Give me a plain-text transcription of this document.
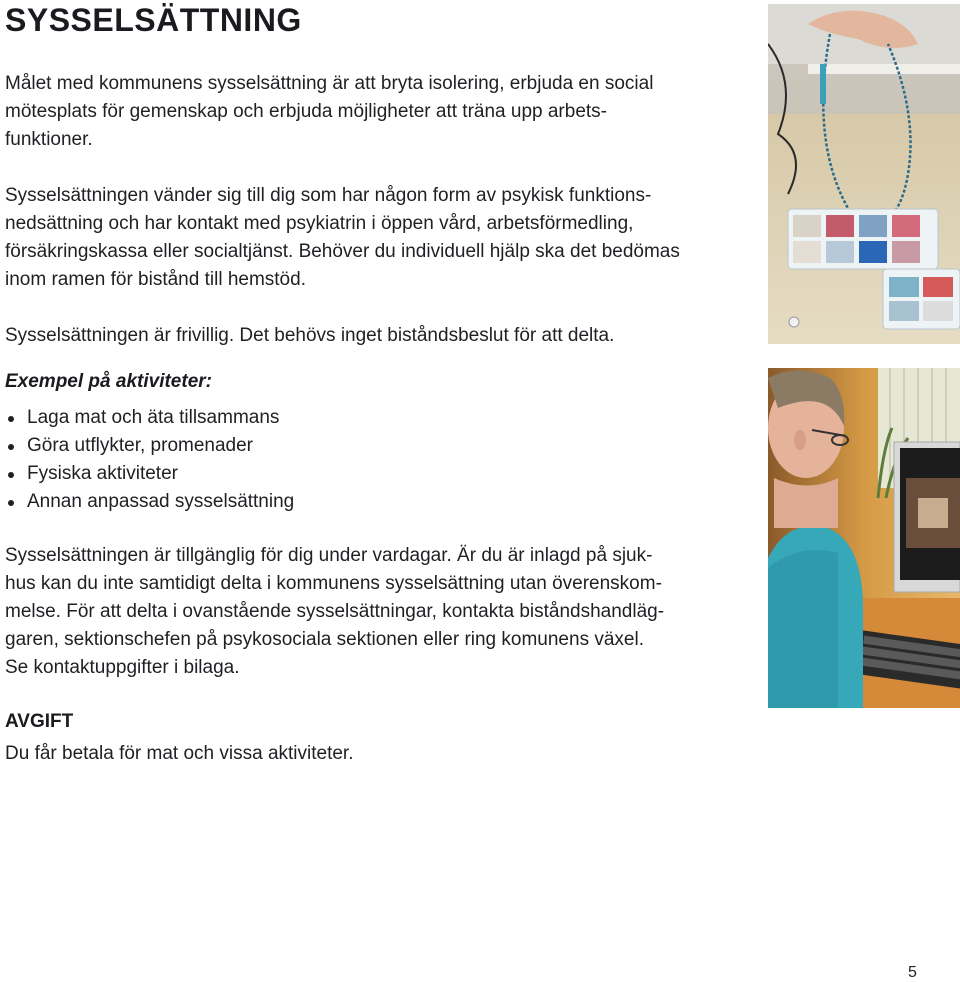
SYSSELSÄTTNING

Målet med kommunens sysselsättning är att bryta isolering, erbjuda en social
mötesplats för gemenskap och erbjuda möjligheter att träna upp arbets-
funktioner.

Sysselsättningen vänder sig till dig som har någon form av psykisk funktions-
nedsättning och har kontakt med psykiatrin i öppen vård, arbetsförmedling,
försäkringskassa eller socialtjänst. Behöver du individuell hjälp ska det bedömas
inom ramen för bistånd till hemstöd.

Sysselsättningen är frivillig. Det behövs inget biståndsbeslut för att delta.

Exempel på aktiviteter:

Laga mat och äta tillsammans
Göra utflykter, promenader
Fysiska aktiviteter
Annan anpassad sysselsättning

Sysselsättningen är tillgänglig för dig under vardagar. Är du är inlagd på sjuk-
hus kan du inte samtidigt delta i kommunens sysselsättning utan överenskom-
melse. För att delta i ovanstående sysselsättningar, kontakta biståndshandläg-
garen, sektionschefen på psykosociala sektionen eller ring komunens växel.
Se kontaktuppgifter i bilaga.

AVGIFT

Du får betala för mat och vissa aktiviteter.

5
